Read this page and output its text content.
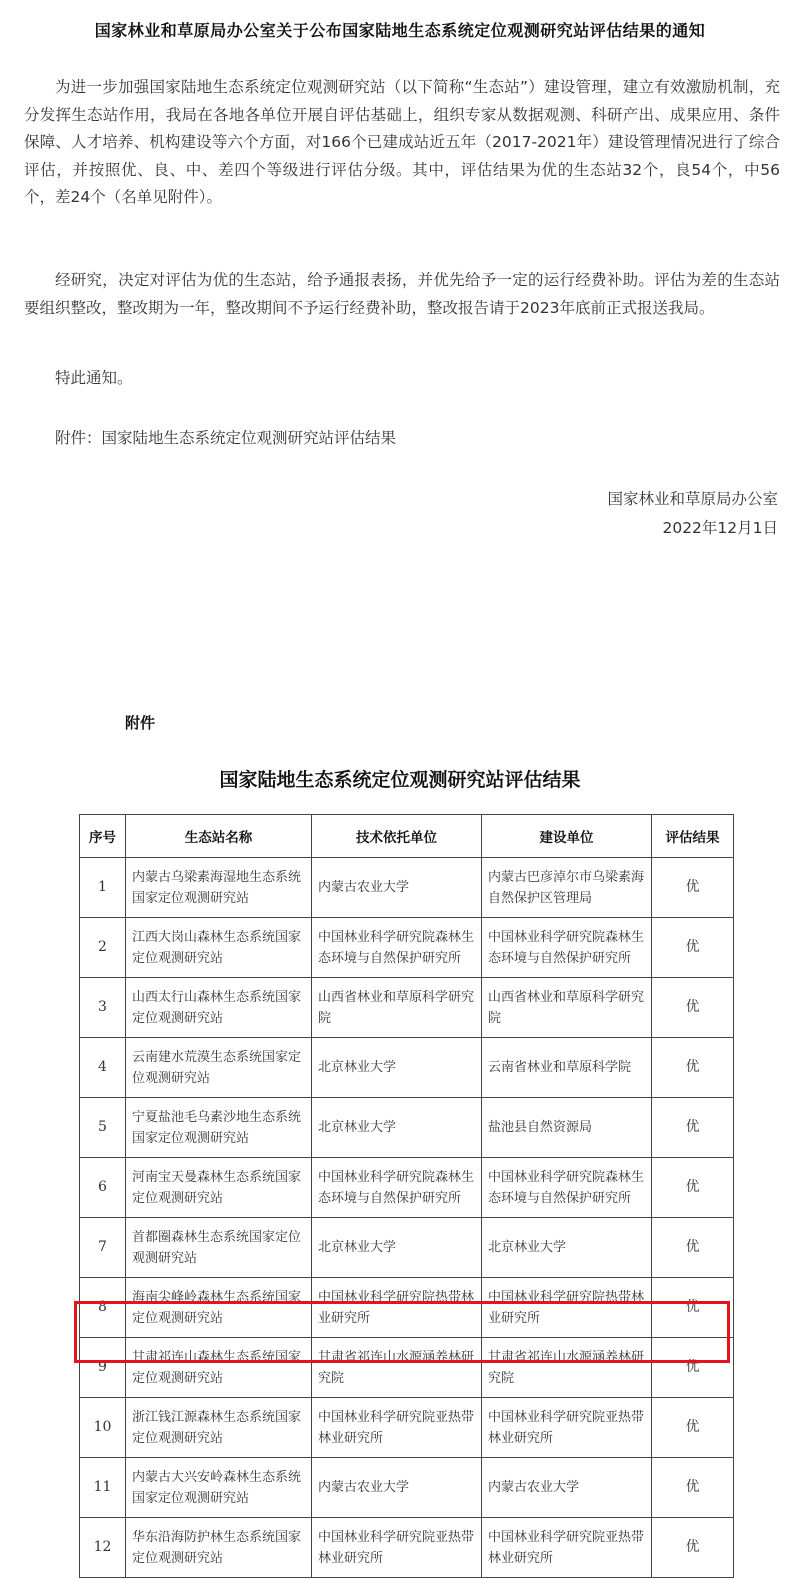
国家林业和草原局办公室关于公布国家陆地生态系统定位观测研究站评估结果的通知

为进一步加强国家陆地生态系统定位观测研究站（以下简称“生态站”）建设管理，建立有效激励机制，充分发挥生态站作用，我局在各地各单位开展自评估基础上，组织专家从数据观测、科研产出、成果应用、条件保障、人才培养、机构建设等六个方面，对166个已建成站近五年（2017-2021年）建设管理情况进行了综合评估，并按照优、良、中、差四个等级进行评估分级。其中，评估结果为优的生态站32个，良54个，中56个，差24个（名单见附件）。

经研究，决定对评估为优的生态站，给予通报表扬，并优先给予一定的运行经费补助。评估为差的生态站要组织整改，整改期为一年，整改期间不予运行经费补助，整改报告请于2023年底前正式报送我局。

特此通知。

附件：国家陆地生态系统定位观测研究站评估结果

国家林业和草原局办公室
2022年12月1日
附件
国家陆地生态系统定位观测研究站评估结果
序号	生态站名称	技术依托单位	建设单位	评估结果
1	内蒙古乌梁素海湿地生态系统国家定位观测研究站	内蒙古农业大学	内蒙古巴彦淖尔市乌梁素海自然保护区管理局	优
2	江西大岗山森林生态系统国家定位观测研究站	中国林业科学研究院森林生态环境与自然保护研究所	中国林业科学研究院森林生态环境与自然保护研究所	优
3	山西太行山森林生态系统国家定位观测研究站	山西省林业和草原科学研究院	山西省林业和草原科学研究院	优
4	云南建水荒漠生态系统国家定位观测研究站	北京林业大学	云南省林业和草原科学院	优
5	宁夏盐池毛乌素沙地生态系统国家定位观测研究站	北京林业大学	盐池县自然资源局	优
6	河南宝天曼森林生态系统国家定位观测研究站	中国林业科学研究院森林生态环境与自然保护研究所	中国林业科学研究院森林生态环境与自然保护研究所	优
7	首都圈森林生态系统国家定位观测研究站	北京林业大学	北京林业大学	优
8	海南尖峰岭森林生态系统国家定位观测研究站	中国林业科学研究院热带林业研究所	中国林业科学研究院热带林业研究所	优
9	甘肃祁连山森林生态系统国家定位观测研究站	甘肃省祁连山水源涵养林研究院	甘肃省祁连山水源涵养林研究院	优
10	浙江钱江源森林生态系统国家定位观测研究站	中国林业科学研究院亚热带林业研究所	中国林业科学研究院亚热带林业研究所	优
11	内蒙古大兴安岭森林生态系统国家定位观测研究站	内蒙古农业大学	内蒙古农业大学	优
12	华东沿海防护林生态系统国家定位观测研究站	中国林业科学研究院亚热带林业研究所	中国林业科学研究院亚热带林业研究所	优
